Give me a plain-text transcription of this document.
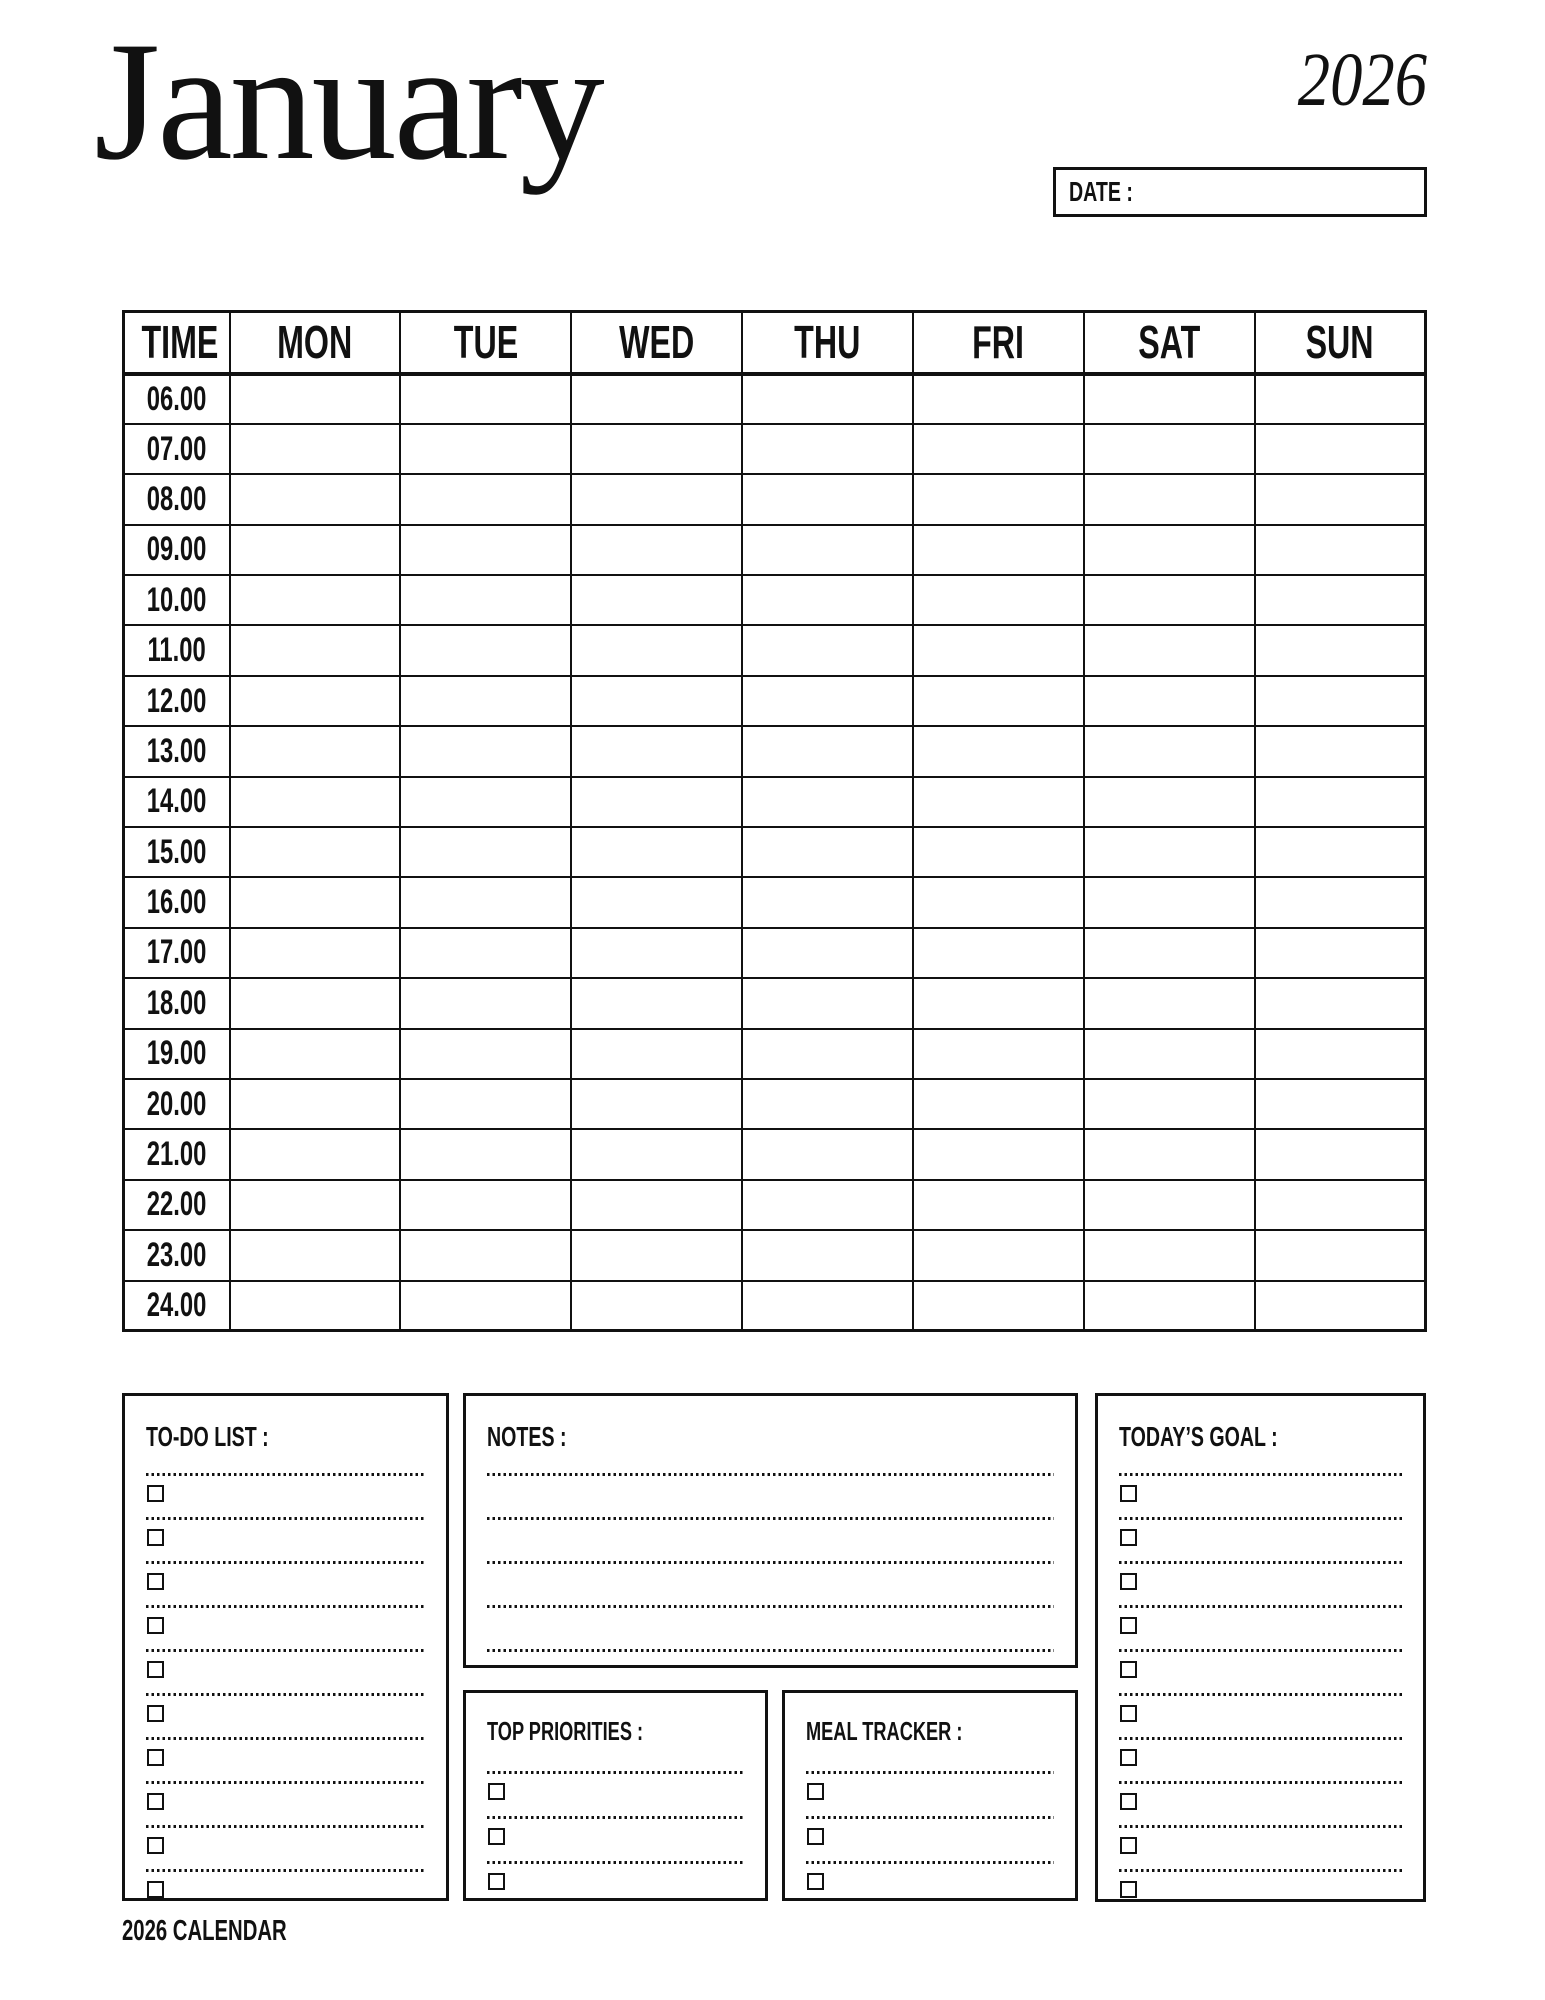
January	2026
DATE :
TIME	MON	TUE	WED	THU	FRI	SAT	SUN
06.00							
07.00							
08.00							
09.00							
10.00							
11.00							
12.00							
13.00							
14.00							
15.00							
16.00							
17.00							
18.00							
19.00							
20.00							
21.00							
22.00							
23.00							
24.00							
TO-DO LIST :	NOTES :
TOP PRIORITIES :	MEAL TRACKER :
TODAY’S GOAL :
2026 CALENDAR
